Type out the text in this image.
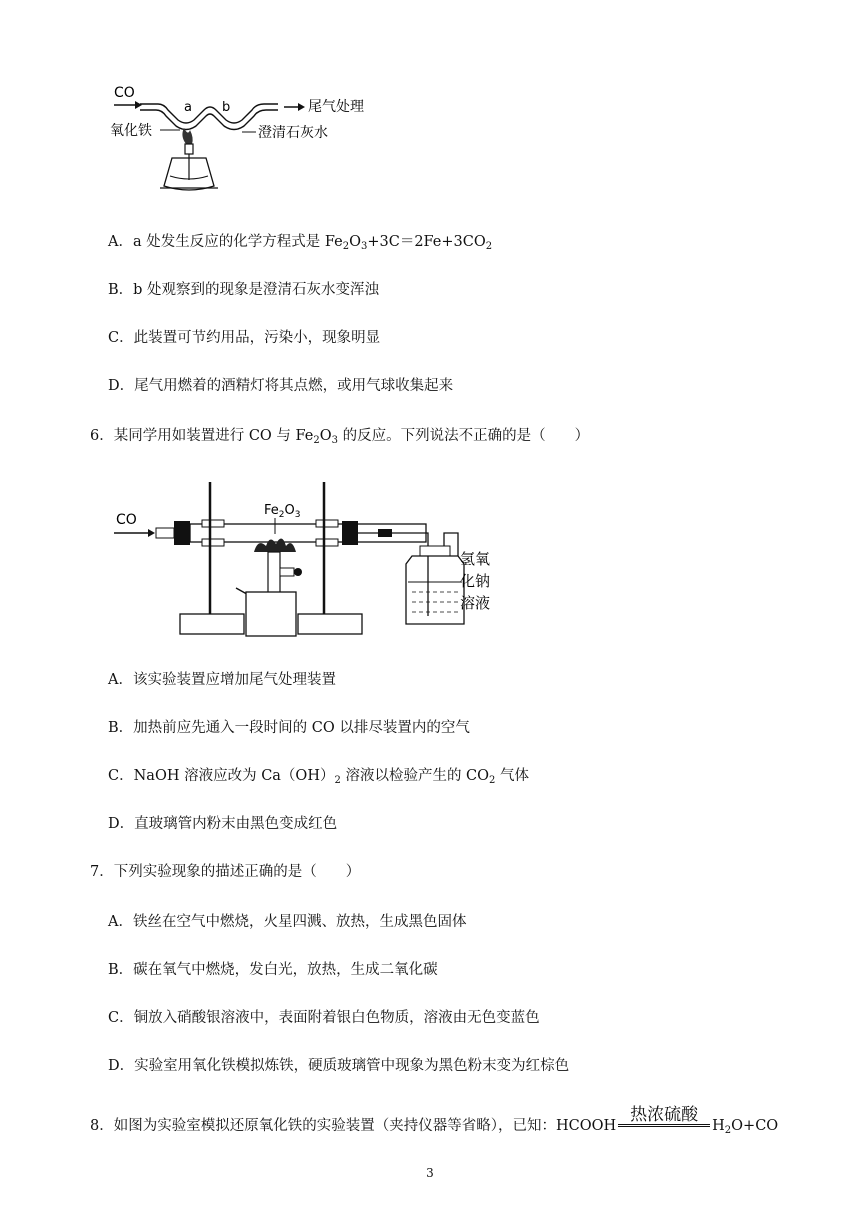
CO
a b	尾气处理
氧化铁	澄清石灰水
A．a 处发生反应的化学方程式是 $Fe_2O_3+3C=2Fe+3CO_2$
B．b 处观察到的现象是澄清石灰水变浑浊
C．此装置可节约用品，污染小，现象明显
D．尾气用燃着的酒精灯将其点燃，或用气球收集起来
6．某同学用如装置进行 CO 与 $Fe_2O_3$ 的反应。下列说法不正确的是（　　）
CO
$Fe_2O_3$
氢氧
化钠
溶液
A．该实验装置应增加尾气处理装置
B．加热前应先通入一段时间的 CO 以排尽装置内的空气
C．NaOH 溶液应改为 $Ca(OH)_2$ 溶液以检验产生的 $CO_2$ 气体
D．直玻璃管内粉末由黑色变成红色
7．下列实验现象的描述正确的是（　　）
A．铁丝在空气中燃烧，火星四溅、放热，生成黑色固体
B．碳在氧气中燃烧，发白光，放热，生成二氧化碳
C．铜放入硝酸银溶液中，表面附着银白色物质，溶液由无色变蓝色
D．实验室用氧化铁模拟炼铁，硬质玻璃管中现象为黑色粉末变为红棕色
8．如图为实验室模拟还原氧化铁的实验装置（夹持仪器等省略），已知：HCOOH热浓硫酸$H_2O+CO$
3
